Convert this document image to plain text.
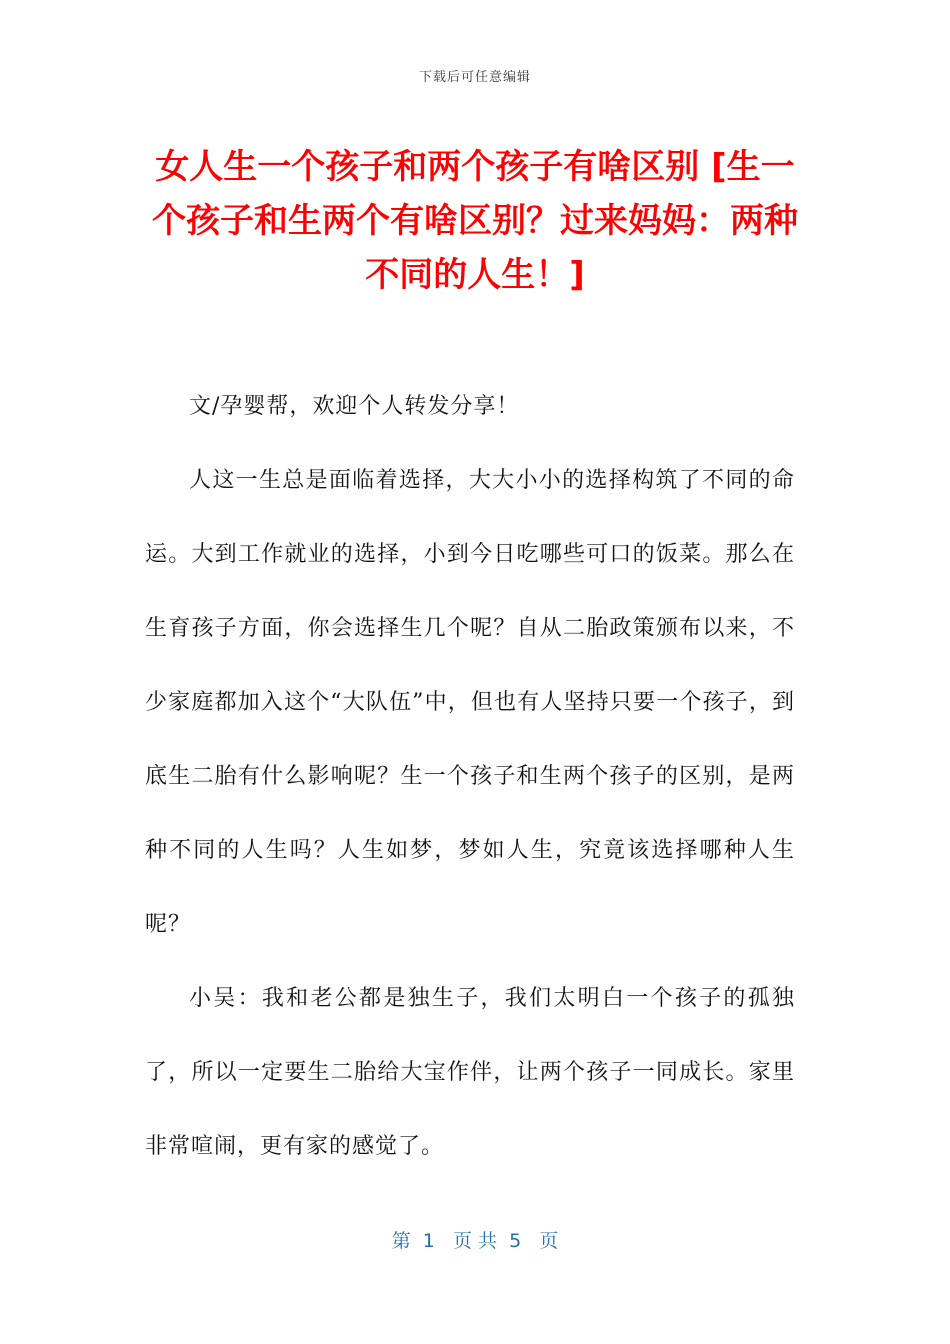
下载后可任意编辑
女人生一个孩子和两个孩子有啥区别 [生一个孩子和生两个有啥区别？过来妈妈：两种不同的人生！]

文/孕婴帮，欢迎个人转发分享！

人这一生总是面临着选择，大大小小的选择构筑了不同的命运。大到工作就业的选择，小到今日吃哪些可口的饭菜。那么在生育孩子方面，你会选择生几个呢？自从二胎政策颁布以来，不少家庭都加入这个“大队伍”中，但也有人坚持只要一个孩子，到底生二胎有什么影响呢？生一个孩子和生两个孩子的区别，是两种不同的人生吗？人生如梦，梦如人生，究竟该选择哪种人生呢？

小吴：我和老公都是独生子，我们太明白一个孩子的孤独了，所以一定要生二胎给大宝作伴，让两个孩子一同成长。家里非常喧闹，更有家的感觉了。

第  1   页 共  5   页
